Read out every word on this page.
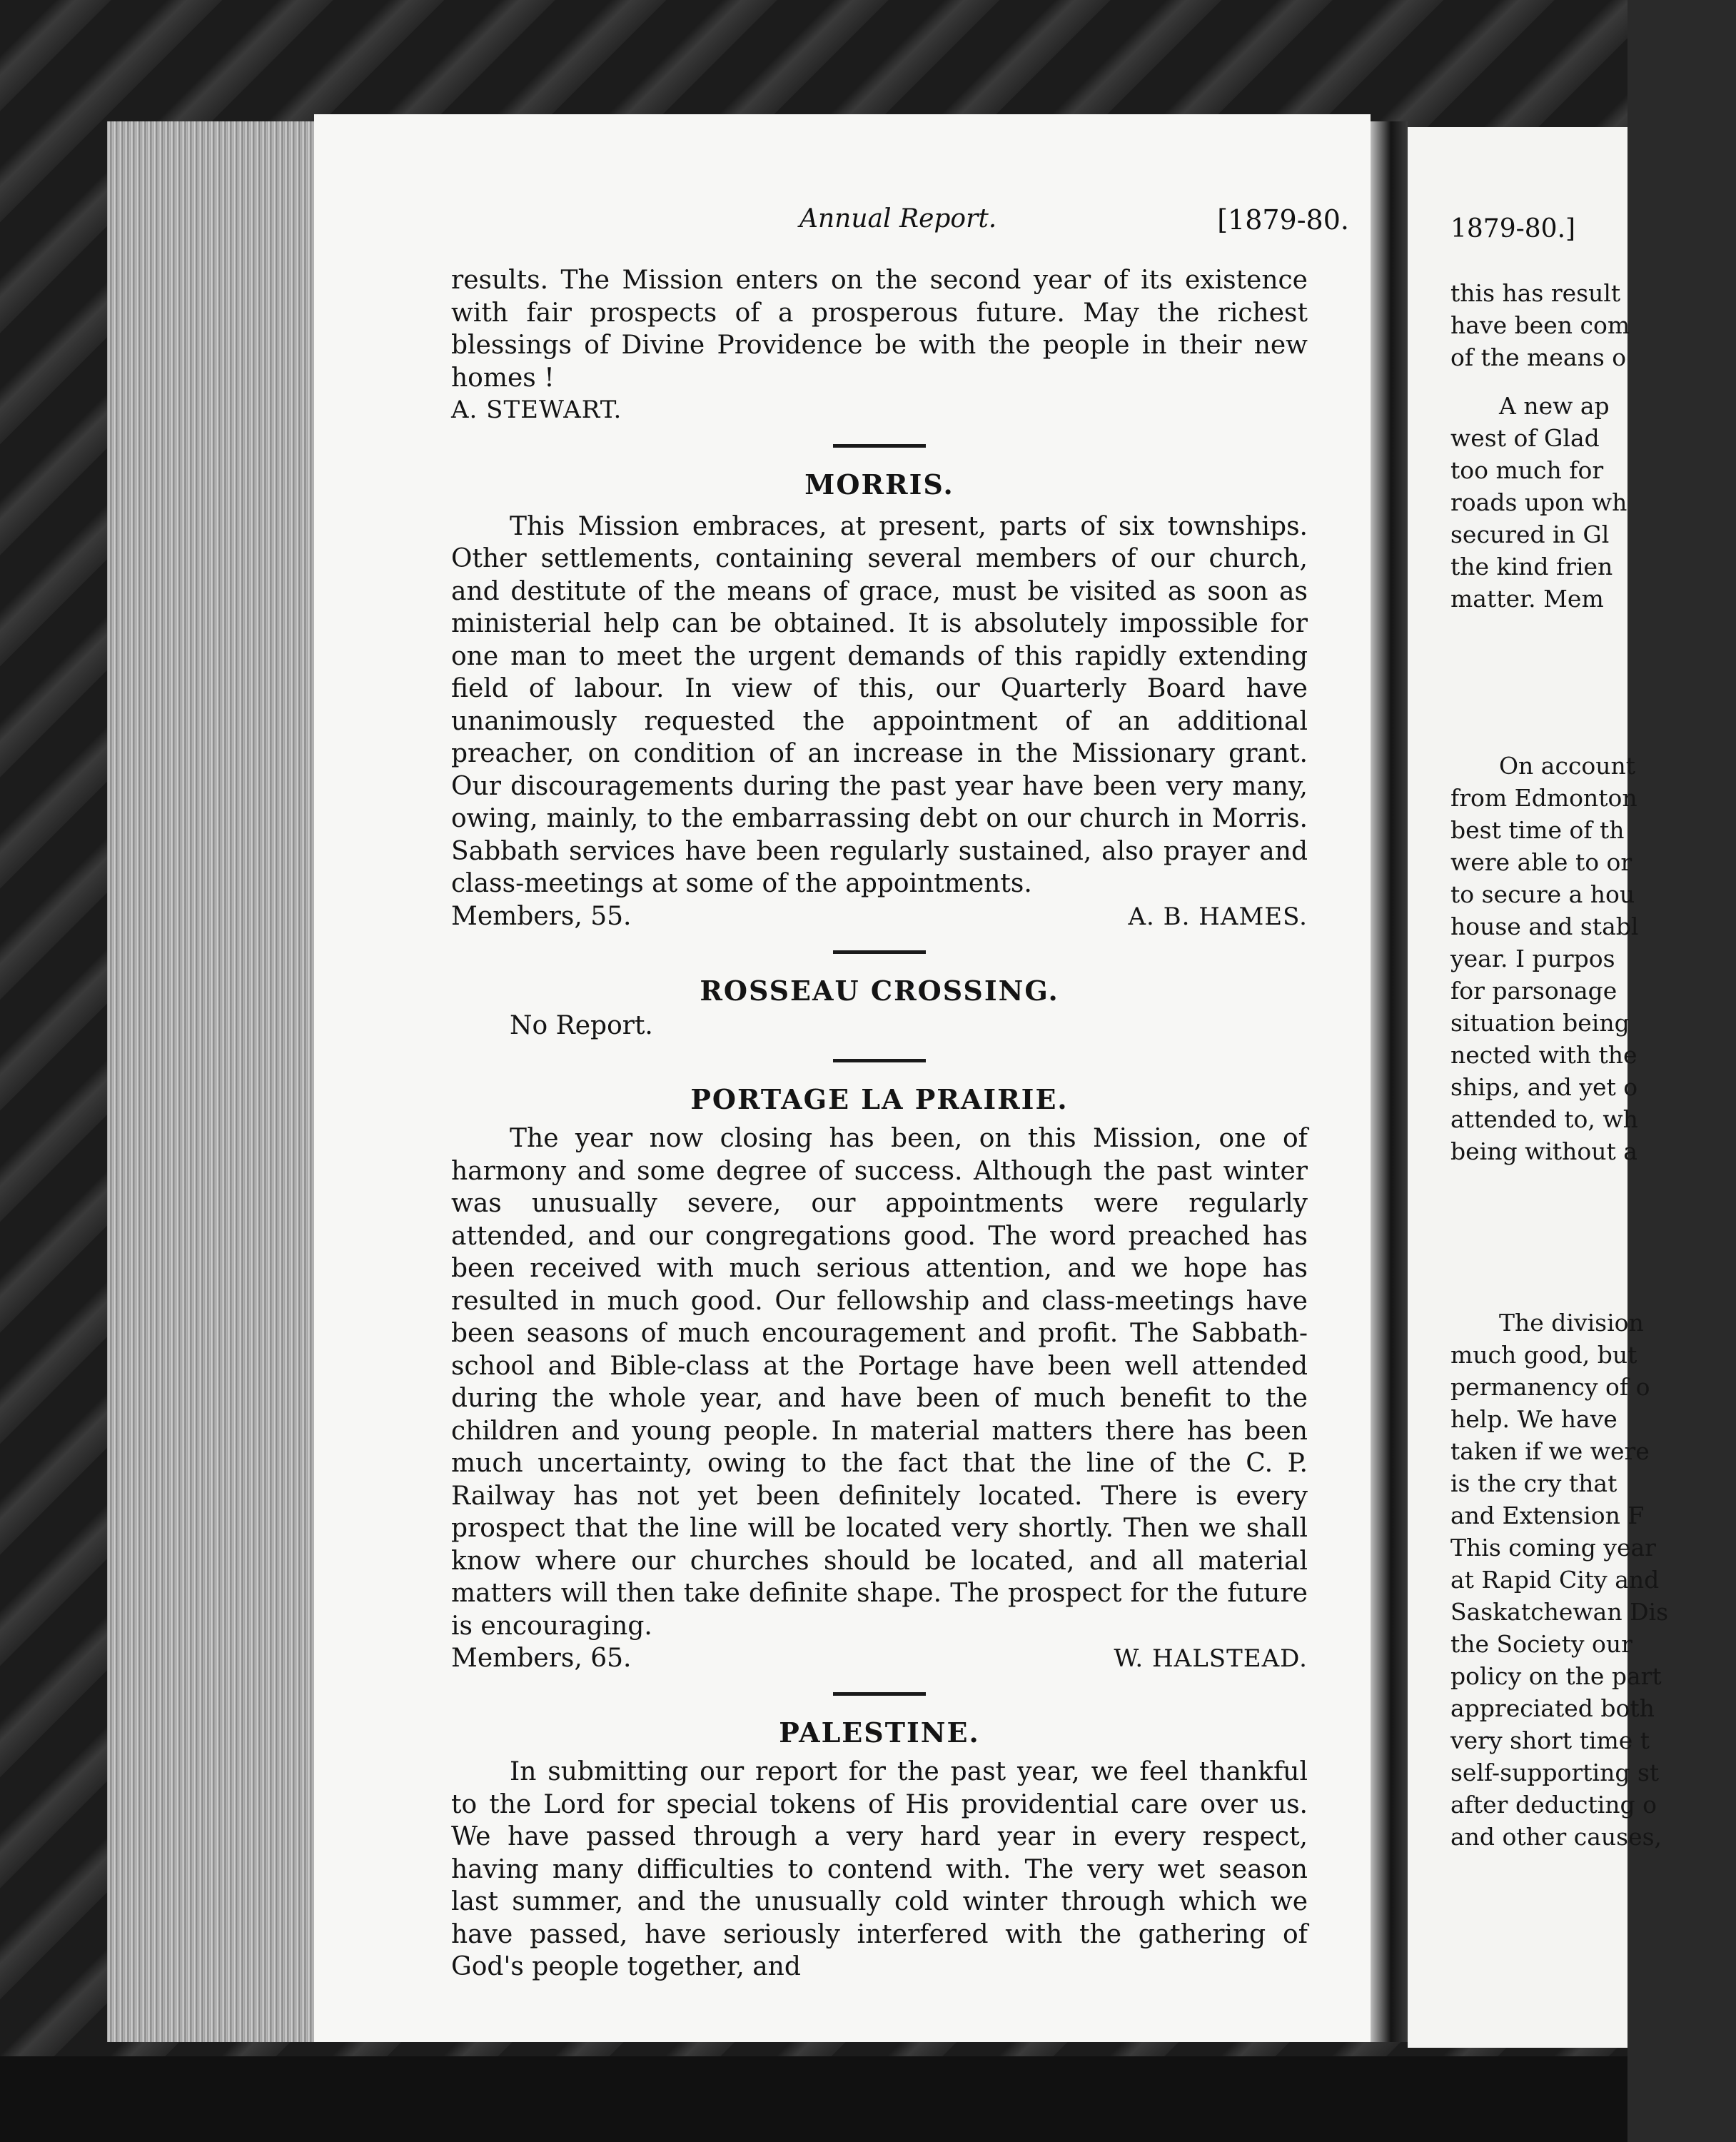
Annual Report.	[1879-80.

results. The Mission enters on the second year of its existence with fair prospects of a prosperous future. May the richest blessings of Divine Providence be with the people in their new homes !

A. STEWART.

MORRIS.

This Mission embraces, at present, parts of six townships. Other settlements, containing several members of our church, and destitute of the means of grace, must be visited as soon as ministerial help can be obtained. It is absolutely impossible for one man to meet the urgent demands of this rapidly extending field of labour. In view of this, our Quarterly Board have unanimously requested the appointment of an additional preacher, on condition of an increase in the Missionary grant. Our discouragements during the past year have been very many, owing, mainly, to the embarrassing debt on our church in Morris. Sabbath services have been regularly sustained, also prayer and class-meetings at some of the appointments.

Members, 55.	A. B. HAMES.
ROSSEAU CROSSING.

No Report.

PORTAGE LA PRAIRIE.

The year now closing has been, on this Mission, one of harmony and some degree of success. Although the past winter was unusually severe, our appointments were regularly attended, and our congregations good. The word preached has been received with much serious attention, and we hope has resulted in much good. Our fellowship and class-meetings have been seasons of much encouragement and profit. The Sabbath-school and Bible-class at the Portage have been well attended during the whole year, and have been of much benefit to the children and young people. In material matters there has been much uncertainty, owing to the fact that the line of the C. P. Railway has not yet been definitely located. There is every prospect that the line will be located very shortly. Then we shall know where our churches should be located, and all material matters will then take definite shape. The prospect for the future is encouraging.

Members, 65.	W. HALSTEAD.
PALESTINE.

In submitting our report for the past year, we feel thankful to the Lord for special tokens of His providential care over us. We have passed through a very hard year in every respect, having many difficulties to contend with. The very wet season last summer, and the unusually cold winter through which we have passed, have seriously interfered with the gathering of God's people together, and

1879-80.]
this has result
have been com
of the means o
A new ap
west of Glad
too much for
roads upon wh
secured in Gl
the kind frien
matter. Mem
On account
from Edmonton
best time of th
were able to or
to secure a hou
house and stabl
year. I purpos
for parsonage
situation being
nected with the
ships, and yet o
attended to, wh
being without a
The division
much good, but
permanency of o
help. We have
taken if we were
is the cry that
and Extension F
This coming year
at Rapid City and
Saskatchewan Dis
the Society our
policy on the part
appreciated both
very short time t
self-supporting st
after deducting o
and other causes,
